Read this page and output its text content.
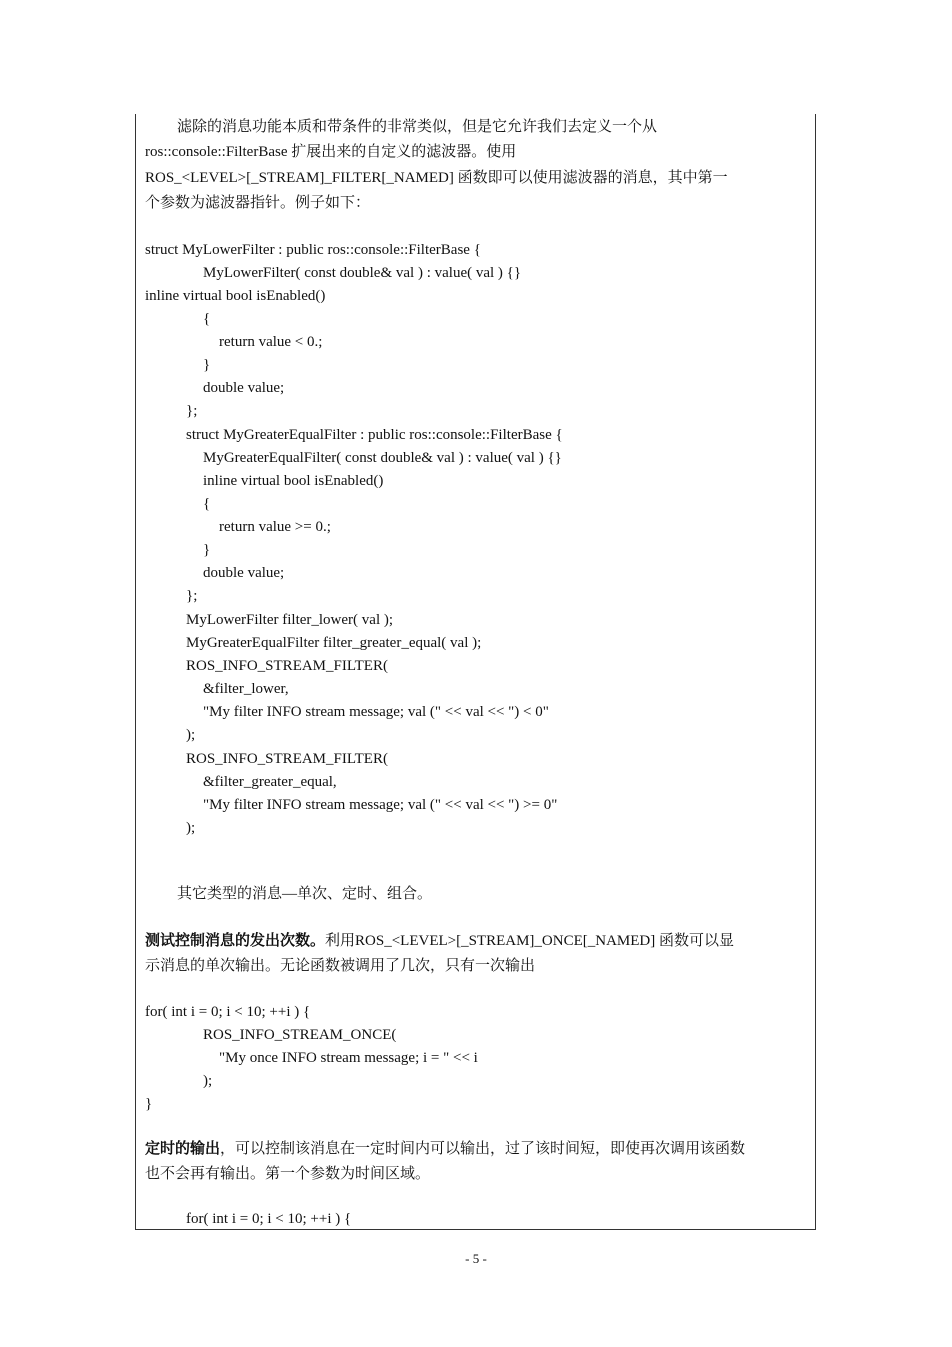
滤除的消息功能本质和带条件的非常类似，但是它允许我们去定义一个从
ros::console::FilterBase 扩展出来的自定义的滤波器。使用
ROS_<LEVEL>[_STREAM]_FILTER[_NAMED] 函数即可以使用滤波器的消息，其中第一
个参数为滤波器指针。例子如下：
struct MyLowerFilter : public ros::console::FilterBase {
MyLowerFilter( const double& val ) : value( val ) {}
inline virtual bool isEnabled()
{
return value < 0.;
}
double value;
};
struct MyGreaterEqualFilter : public ros::console::FilterBase {
MyGreaterEqualFilter( const double& val ) : value( val ) {}
inline virtual bool isEnabled()
{
return value >= 0.;
}
double value;
};
MyLowerFilter filter_lower( val );
MyGreaterEqualFilter filter_greater_equal( val );
ROS_INFO_STREAM_FILTER(
&filter_lower,
"My filter INFO stream message; val (" << val << ") < 0"
);
ROS_INFO_STREAM_FILTER(
&filter_greater_equal,
"My filter INFO stream message; val (" << val << ") >= 0"
);
其它类型的消息—单次、定时、组合。
测试控制消息的发出次数。利用ROS_<LEVEL>[_STREAM]_ONCE[_NAMED] 函数可以显
示消息的单次输出。无论函数被调用了几次，只有一次输出
for( int i = 0; i < 10; ++i ) {
ROS_INFO_STREAM_ONCE(
"My once INFO stream message; i = " << i
);
}
定时的输出，可以控制该消息在一定时间内可以输出，过了该时间短，即使再次调用该函数
也不会再有输出。第一个参数为时间区域。
for( int i = 0; i < 10; ++i ) {
- 5 -
